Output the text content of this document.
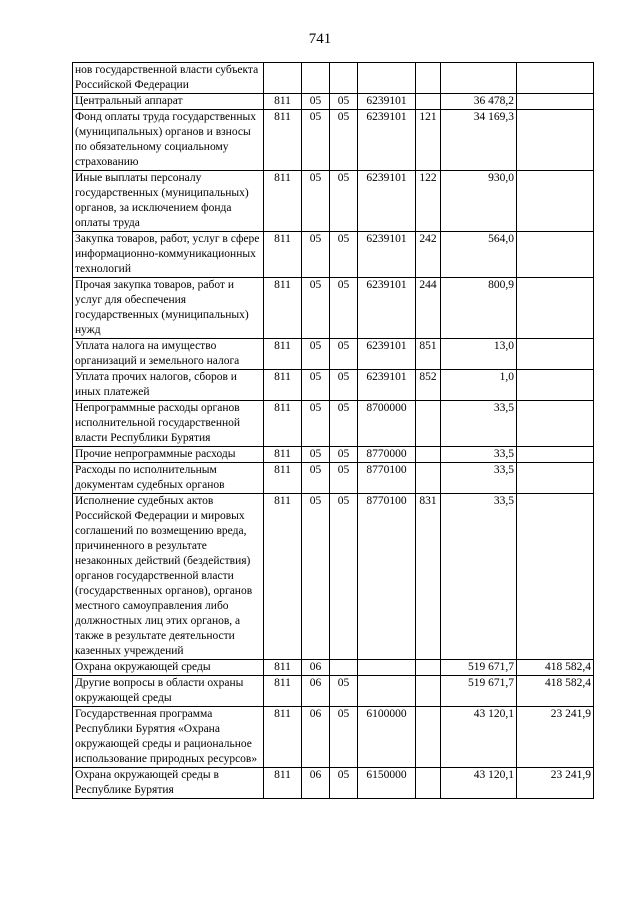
741
нов государственной власти субъекта Российской Федерации							
Центральный аппарат	811	05	05	6239101		36 478,2	
Фонд оплаты труда государственных (муниципальных) органов и взносы по обязательному социальному страхованию	811	05	05	6239101	121	34 169,3	
Иные выплаты персоналу государственных (муниципальных) органов, за исключением фонда оплаты труда	811	05	05	6239101	122	930,0	
Закупка товаров, работ, услуг в сфере информационно-коммуникационных технологий	811	05	05	6239101	242	564,0	
Прочая закупка товаров, работ и услуг для обеспечения государственных (муниципальных) нужд	811	05	05	6239101	244	800,9	
Уплата налога на имущество организаций и земельного налога	811	05	05	6239101	851	13,0	
Уплата прочих налогов, сборов и иных платежей	811	05	05	6239101	852	1,0	
Непрограммные расходы органов исполнительной государственной власти Республики Бурятия	811	05	05	8700000		33,5	
Прочие непрограммные расходы	811	05	05	8770000		33,5	
Расходы по исполнительным документам судебных органов	811	05	05	8770100		33,5	
Исполнение судебных актов Российской Федерации и мировых соглашений по возмещению вреда, причиненного в результате незаконных действий (бездействия) органов государственной власти (государственных органов), органов местного самоуправления либо должностных лиц этих органов, а также в результате деятельности казенных учреждений	811	05	05	8770100	831	33,5	
Охрана окружающей среды	811	06				519 671,7	418 582,4
Другие вопросы в области охраны окружающей среды	811	06	05			519 671,7	418 582,4
Государственная программа Республики Бурятия «Охрана окружающей среды и рациональное использование природных ресурсов»	811	06	05	6100000		43 120,1	23 241,9
Охрана окружающей среды в Республике Бурятия	811	06	05	6150000		43 120,1	23 241,9
